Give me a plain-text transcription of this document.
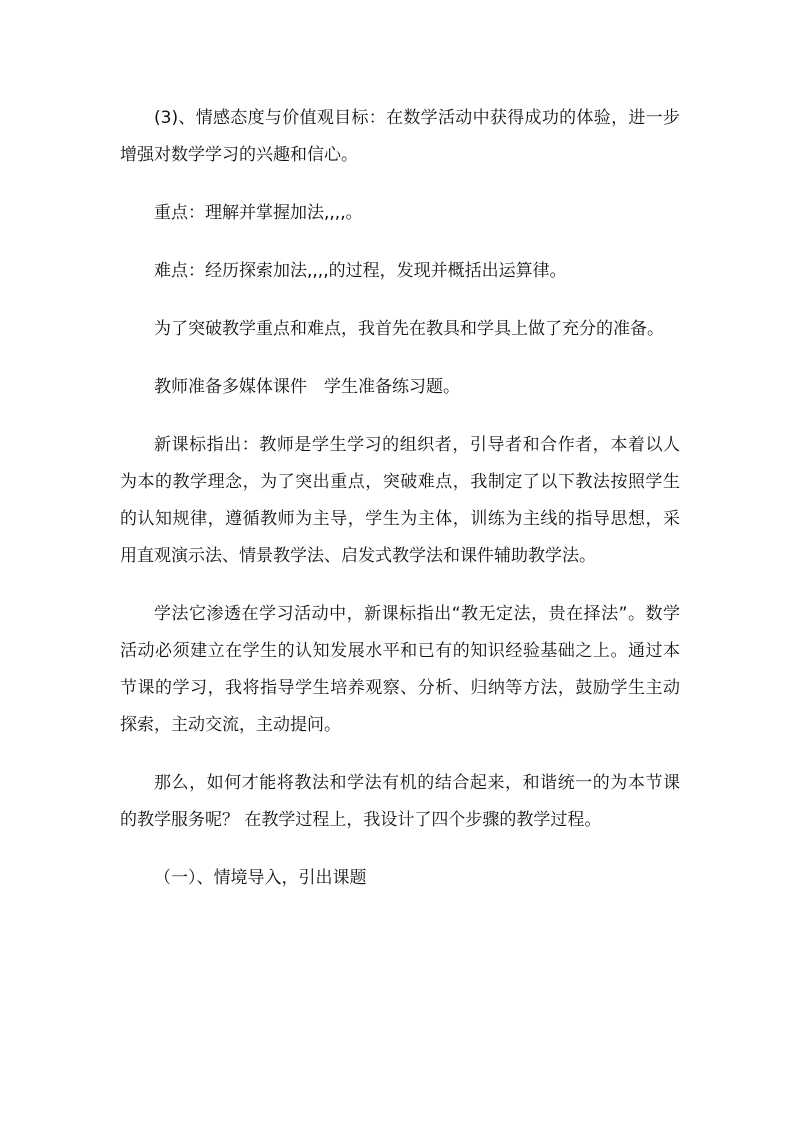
(3)、情感态度与价值观目标：在数学活动中获得成功的体验，进一步增强对数学学习的兴趣和信心。

重点：理解并掌握加法,,,,。

难点：经历探索加法,,,,的过程，发现并概括出运算律。

为了突破教学重点和难点，我首先在教具和学具上做了充分的准备。

教师准备多媒体课件　学生准备练习题。

新课标指出：教师是学生学习的组织者，引导者和合作者，本着以人为本的教学理念，为了突出重点，突破难点，我制定了以下教法按照学生的认知规律，遵循教师为主导，学生为主体，训练为主线的指导思想，采用直观演示法、情景教学法、启发式教学法和课件辅助教学法。

学法它渗透在学习活动中，新课标指出“教无定法，贵在择法”。数学活动必须建立在学生的认知发展水平和已有的知识经验基础之上。通过本节课的学习，我将指导学生培养观察、分析、归纳等方法，鼓励学生主动探索，主动交流，主动提问。

那么，如何才能将教法和学法有机的结合起来，和谐统一的为本节课的教学服务呢？ 在教学过程上，我设计了四个步骤的教学过程。

（一）、情境导入，引出课题
